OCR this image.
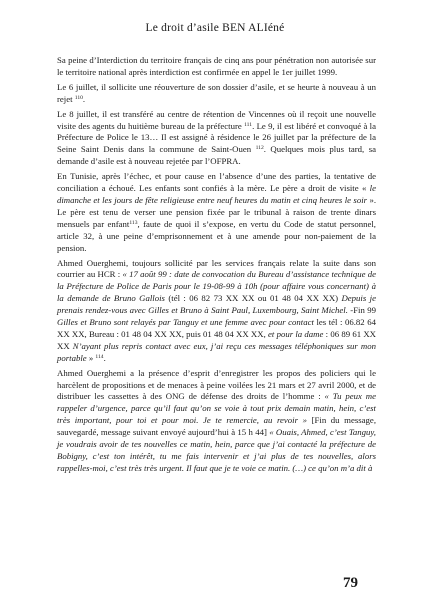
Le droit d’asile BEN ALIéné

Sa peine d’Interdiction du territoire français de cinq ans pour pénétration non autorisée sur le territoire national après interdiction est confirmée en appel le 1er juillet 1999.

Le 6 juillet, il sollicite une réouverture de son dossier d’asile, et se heurte à nouveau à un rejet $^{110}$.

Le 8 juillet, il est transféré au centre de rétention de Vincennes où il reçoit une nouvelle visite des agents du huitième bureau de la préfecture $^{111}$. Le 9, il est libéré et convoqué à la Préfecture de Police le 13… Il est assigné à résidence le 26 juillet par la préfecture de la Seine Saint Denis dans la commune de Saint-Ouen $^{112}$. Quelques mois plus tard, sa demande d’asile est à nouveau rejetée par l’OFPRA.

En Tunisie, après l’échec, et pour cause en l’absence d’une des parties, la tentative de conciliation a échoué. Les enfants sont confiés à la mère. Le père a droit de visite « le dimanche et les jours de fête religieuse entre neuf heures du matin et cinq heures le soir ». Le père est tenu de verser une pension fixée par le tribunal à raison de trente dinars mensuels par enfant$^{113}$, faute de quoi il s’expose, en vertu du Code de statut personnel, article 32, à une peine d’emprisonnement et à une amende pour non-paiement de la pension.

Ahmed Ouerghemi, toujours sollicité par les services français relate la suite dans son courrier au HCR : « 17 août 99 : date de convocation du Bureau d’assistance technique de la Préfecture de Police de Paris pour le 19-08-99 à 10h (pour affaire vous concernant) à la demande de Bruno Gallois (tél : 06 82 73 XX XX ou 01 48 04 XX XX) Depuis je prenais rendez-vous avec Gilles et Bruno à Saint Paul, Luxembourg, Saint Michel. -Fin 99 Gilles et Bruno sont relayés par Tanguy et une femme avec pour contact les tél : 06.82 64 XX XX, Bureau : 01 48 04 XX XX, puis 01 48 04 XX XX, et pour la dame : 06 89 61 XX XX N’ayant plus repris contact avec eux, j’ai reçu ces messages téléphoniques sur mon portable » $^{114}$.

Ahmed Ouerghemi a la présence d’esprit d’enregistrer les propos des policiers qui le harcèlent de propositions et de menaces à peine voilées les 21 mars et 27 avril 2000, et de distribuer les cassettes à des ONG de défense des droits de l’homme : « Tu peux me rappeler d’urgence, parce qu’il faut qu’on se voie à tout prix demain matin, hein, c’est très important, pour toi et pour moi. Je te remercie, au revoir » [Fin du message, sauvegardé, message suivant envoyé aujourd’hui à 15 h 44] « Ouais, Ahmed, c’est Tanguy, je voudrais avoir de tes nouvelles ce matin, hein, parce que j’ai contacté la préfecture de Bobigny, c’est ton intérêt, tu me fais intervenir et j’ai plus de tes nouvelles, alors rappelles-moi, c’est très très urgent. Il faut que je te voie ce matin. (…) ce qu’on m’a dit à

79
